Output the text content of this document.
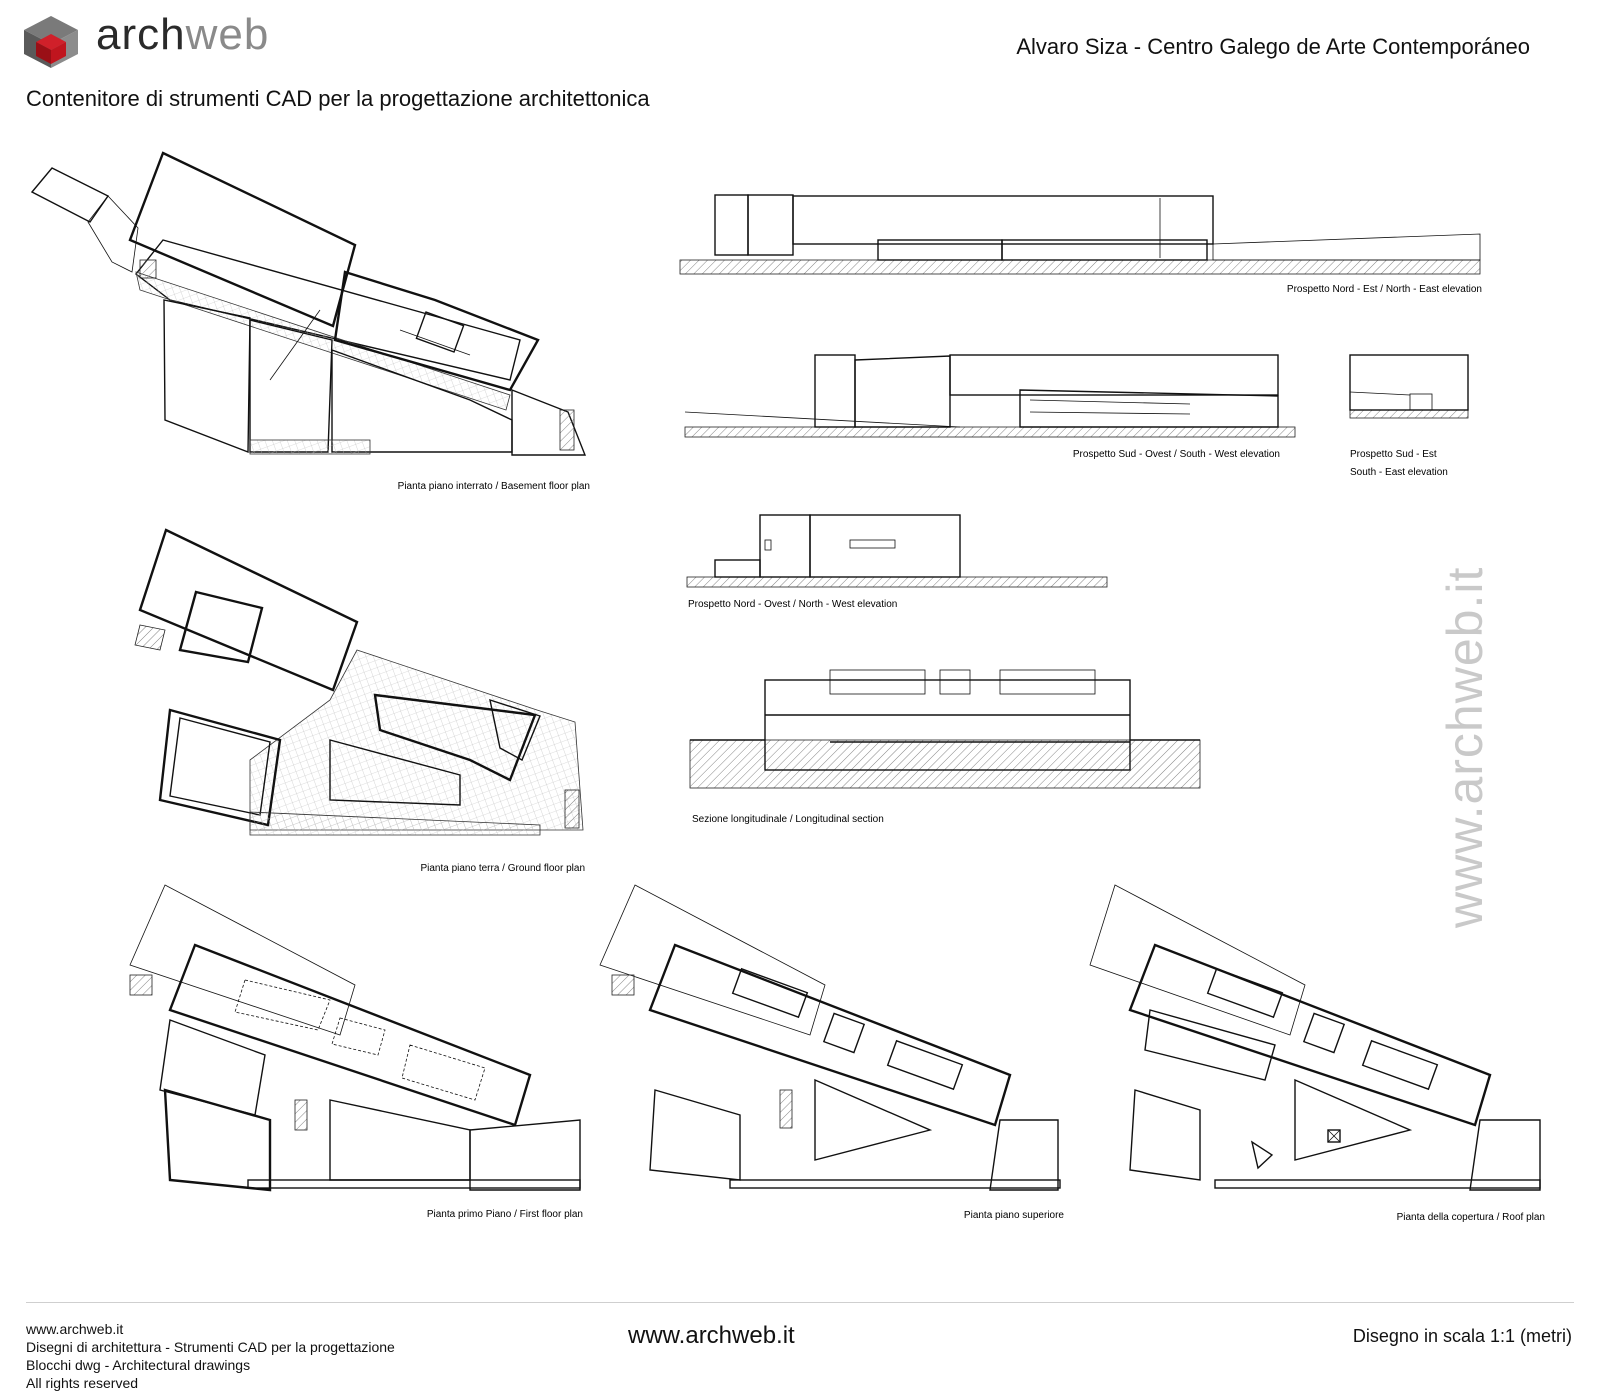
archweb	Alvaro Siza - Centro Galego de Arte Contemporáneo
Contenitore di strumenti CAD per la progettazione architettonica
Pianta piano interrato / Basement floor plan
Prospetto Nord - Est / North - East elevation
Prospetto Sud - Ovest / South - West elevation	Prospetto Sud - Est
South - East elevation
Prospetto Nord - Ovest / North - West elevation
Sezione longitudinale / Longitudinal section
Pianta piano terra / Ground floor plan
Pianta primo Piano / First floor plan	Pianta piano superiore	Pianta della copertura / Roof plan
www.archweb.it
www.archweb.it
Disegni di architettura - Strumenti CAD per la progettazione
Blocchi dwg - Architectural drawings
All rights reserved
www.archweb.it	Disegno in scala 1:1 (metri)
